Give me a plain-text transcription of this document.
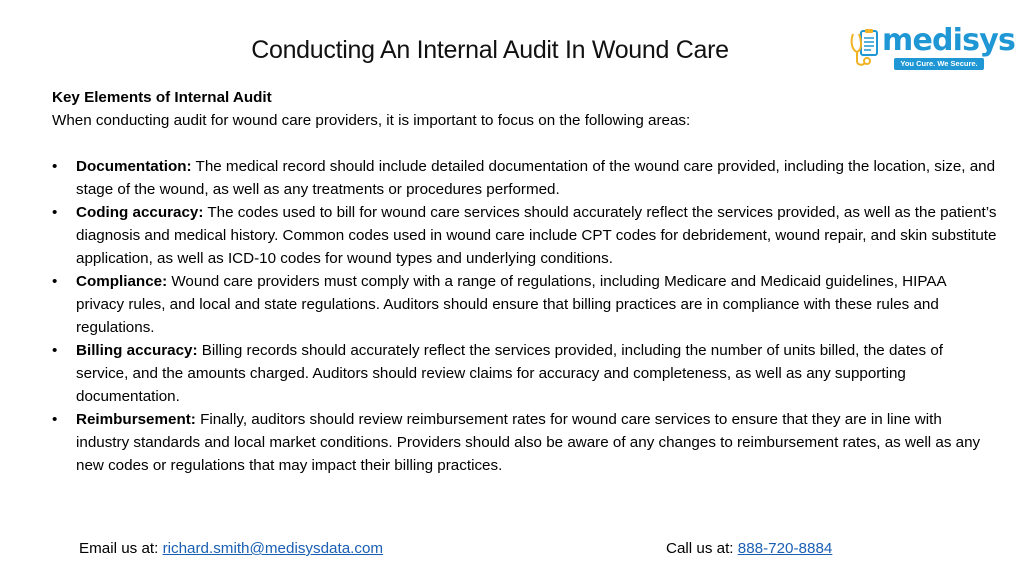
Conducting An Internal Audit In Wound Care	medisys
You Cure. We Secure.
Key Elements of Internal Audit
When conducting audit for wound care providers, it is important to focus on the following areas:
• Documentation: The medical record should include detailed documentation of the wound care provided, including the location, size, and stage of the wound, as well as any treatments or procedures performed.
• Coding accuracy: The codes used to bill for wound care services should accurately reflect the services provided, as well as the patient’s diagnosis and medical history. Common codes used in wound care include CPT codes for debridement, wound repair, and skin substitute application, as well as ICD-10 codes for wound types and underlying conditions.
• Compliance: Wound care providers must comply with a range of regulations, including Medicare and Medicaid guidelines, HIPAA privacy rules, and local and state regulations. Auditors should ensure that billing practices are in compliance with these rules and regulations.
• Billing accuracy: Billing records should accurately reflect the services provided, including the number of units billed, the dates of service, and the amounts charged. Auditors should review claims for accuracy and completeness, as well as any supporting documentation.
• Reimbursement: Finally, auditors should review reimbursement rates for wound care services to ensure that they are in line with industry standards and local market conditions. Providers should also be aware of any changes to reimbursement rates, as well as any new codes or regulations that may impact their billing practices.
Email us at: richard.smith@medisysdata.com	Call us at: 888-720-8884
